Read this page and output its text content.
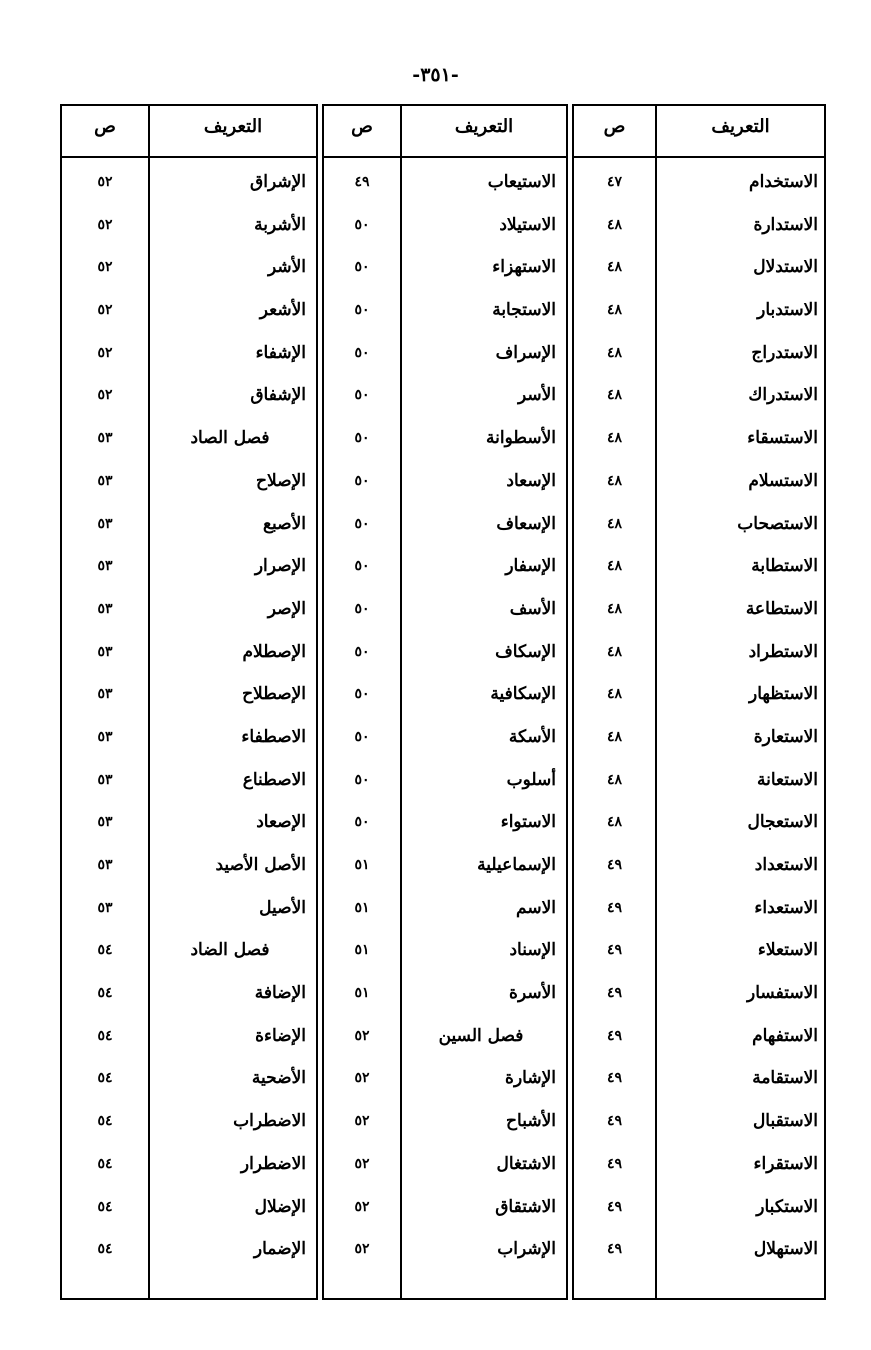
-٣٥١-
التعريف
ص
الاستخدام
٤٧
الاستدارة
٤٨
الاستدلال
٤٨
الاستدبار
٤٨
الاستدراج
٤٨
الاستدراك
٤٨
الاستسقاء
٤٨
الاستسلام
٤٨
الاستصحاب
٤٨
الاستطابة
٤٨
الاستطاعة
٤٨
الاستطراد
٤٨
الاستظهار
٤٨
الاستعارة
٤٨
الاستعانة
٤٨
الاستعجال
٤٨
الاستعداد
٤٩
الاستعداء
٤٩
الاستعلاء
٤٩
الاستفسار
٤٩
الاستفهام
٤٩
الاستقامة
٤٩
الاستقبال
٤٩
الاستقراء
٤٩
الاستكبار
٤٩
الاستهلال
٤٩
التعريف
ص
الاستيعاب
٤٩
الاستيلاد
٥٠
الاستهزاء
٥٠
الاستجابة
٥٠
الإسراف
٥٠
الأسر
٥٠
الأسطوانة
٥٠
الإسعاد
٥٠
الإسعاف
٥٠
الإسفار
٥٠
الأسف
٥٠
الإسكاف
٥٠
الإسكافية
٥٠
الأسكة
٥٠
أسلوب
٥٠
الاستواء
٥٠
الإسماعيلية
٥١
الاسم
٥١
الإسناد
٥١
الأسرة
٥١
فصل السين
٥٢
الإشارة
٥٢
الأشباح
٥٢
الاشتغال
٥٢
الاشتقاق
٥٢
الإشراب
٥٢
التعريف
ص
الإشراق
٥٢
الأشربة
٥٢
الأشر
٥٢
الأشعر
٥٢
الإشفاء
٥٢
الإشفاق
٥٢
فصل الصاد
٥٣
الإصلاح
٥٣
الأصبع
٥٣
الإصرار
٥٣
الإصر
٥٣
الإصطلام
٥٣
الإصطلاح
٥٣
الاصطفاء
٥٣
الاصطناع
٥٣
الإصعاد
٥٣
الأصل الأصيد
٥٣
الأصيل
٥٣
فصل الضاد
٥٤
الإضافة
٥٤
الإضاءة
٥٤
الأضحية
٥٤
الاضطراب
٥٤
الاضطرار
٥٤
الإضلال
٥٤
الإضمار
٥٤
